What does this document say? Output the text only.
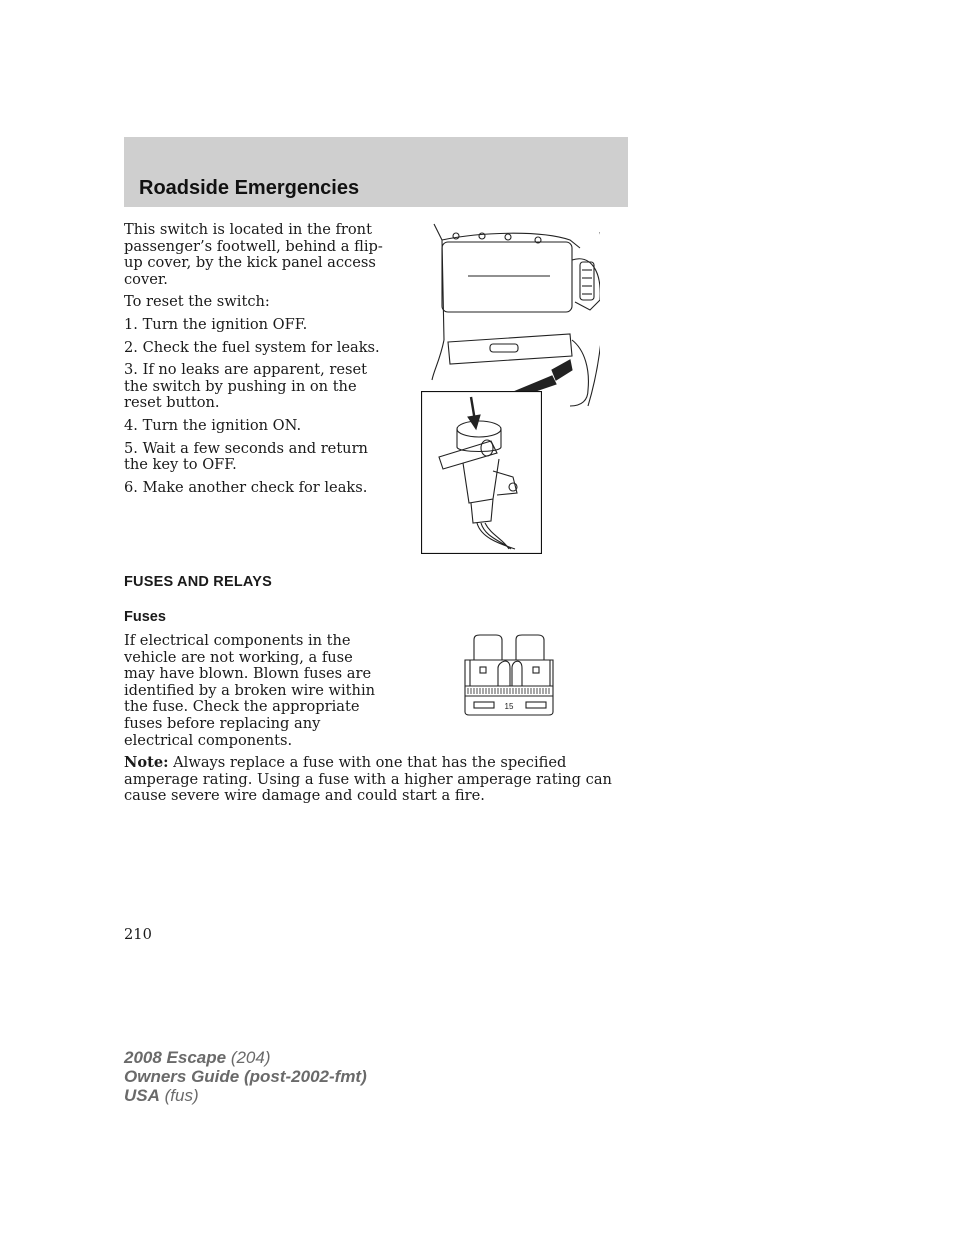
Roadside Emergencies

This switch is located in the front passenger’s footwell, behind a flip-up cover, by the kick panel access cover.

To reset the switch:

1. Turn the ignition OFF.

2. Check the fuel system for leaks.

3. If no leaks are apparent, reset the switch by pushing in on the reset button.

4. Turn the ignition ON.

5. Wait a few seconds and return the key to OFF.

6. Make another check for leaks.

FUSES AND RELAYS
Fuses

If electrical components in the vehicle are not working, a fuse may have blown. Blown fuses are identified by a broken wire within the fuse. Check the appropriate fuses before replacing any electrical components.

15

Note: Always replace a fuse with one that has the specified amperage rating. Using a fuse with a higher amperage rating can cause severe wire damage and could start a fire.

210

2008 Escape (204)
Owners Guide (post-2002-fmt)
USA (fus)
